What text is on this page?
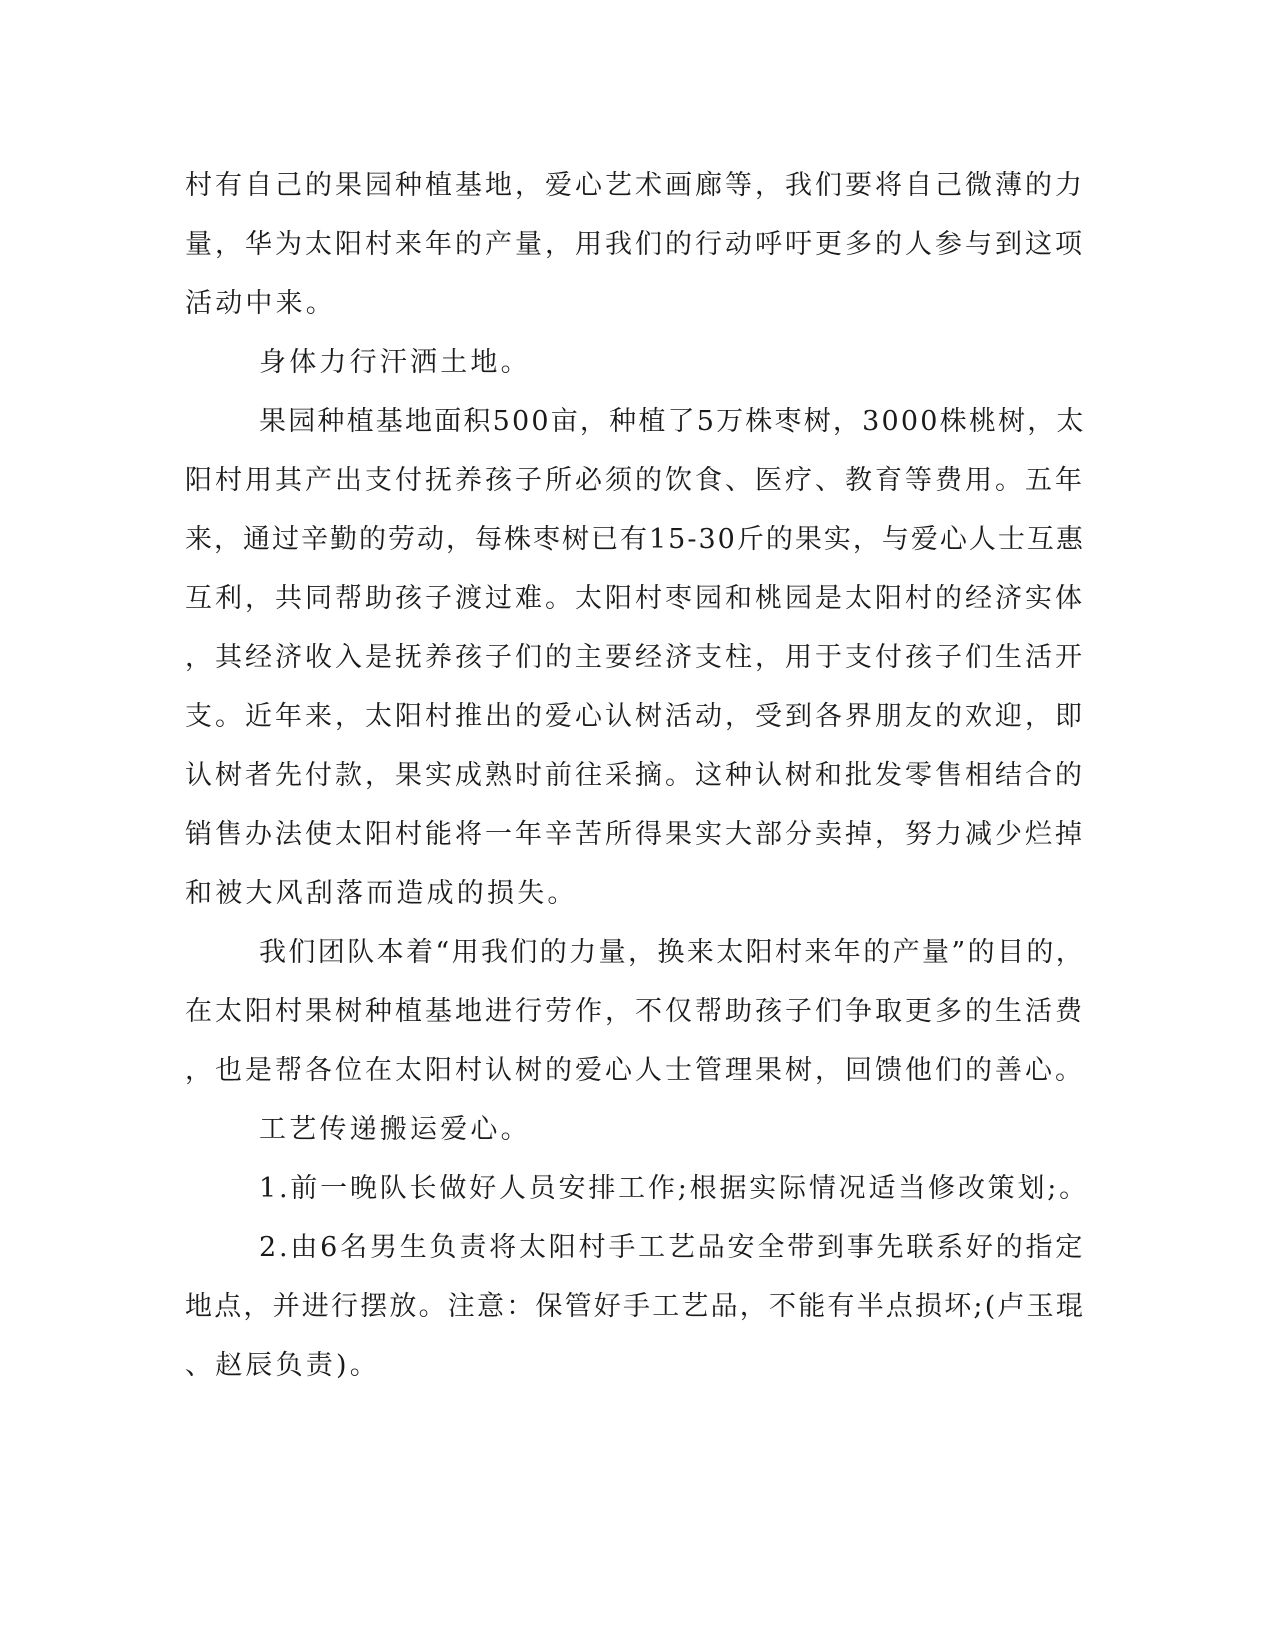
村有自己的果园种植基地，爱心艺术画廊等，我们要将自己微薄的力

量，华为太阳村来年的产量，用我们的行动呼吁更多的人参与到这项

活动中来。

身体力行汗洒土地。

果园种植基地面积500亩，种植了5万株枣树，3000株桃树，太

阳村用其产出支付抚养孩子所必须的饮食、医疗、教育等费用。五年

来，通过辛勤的劳动，每株枣树已有15-30斤的果实，与爱心人士互惠

互利，共同帮助孩子渡过难。太阳村枣园和桃园是太阳村的经济实体

，其经济收入是抚养孩子们的主要经济支柱，用于支付孩子们生活开

支。近年来，太阳村推出的爱心认树活动，受到各界朋友的欢迎，即

认树者先付款，果实成熟时前往采摘。这种认树和批发零售相结合的

销售办法使太阳村能将一年辛苦所得果实大部分卖掉，努力减少烂掉

和被大风刮落而造成的损失。

我们团队本着“用我们的力量，换来太阳村来年的产量”的目的，

在太阳村果树种植基地进行劳作，不仅帮助孩子们争取更多的生活费

，也是帮各位在太阳村认树的爱心人士管理果树，回馈他们的善心。

工艺传递搬运爱心。

1.前一晚队长做好人员安排工作;根据实际情况适当修改策划;。

2.由6名男生负责将太阳村手工艺品安全带到事先联系好的指定

地点，并进行摆放。注意：保管好手工艺品，不能有半点损坏;(卢玉琨

、赵辰负责)。
